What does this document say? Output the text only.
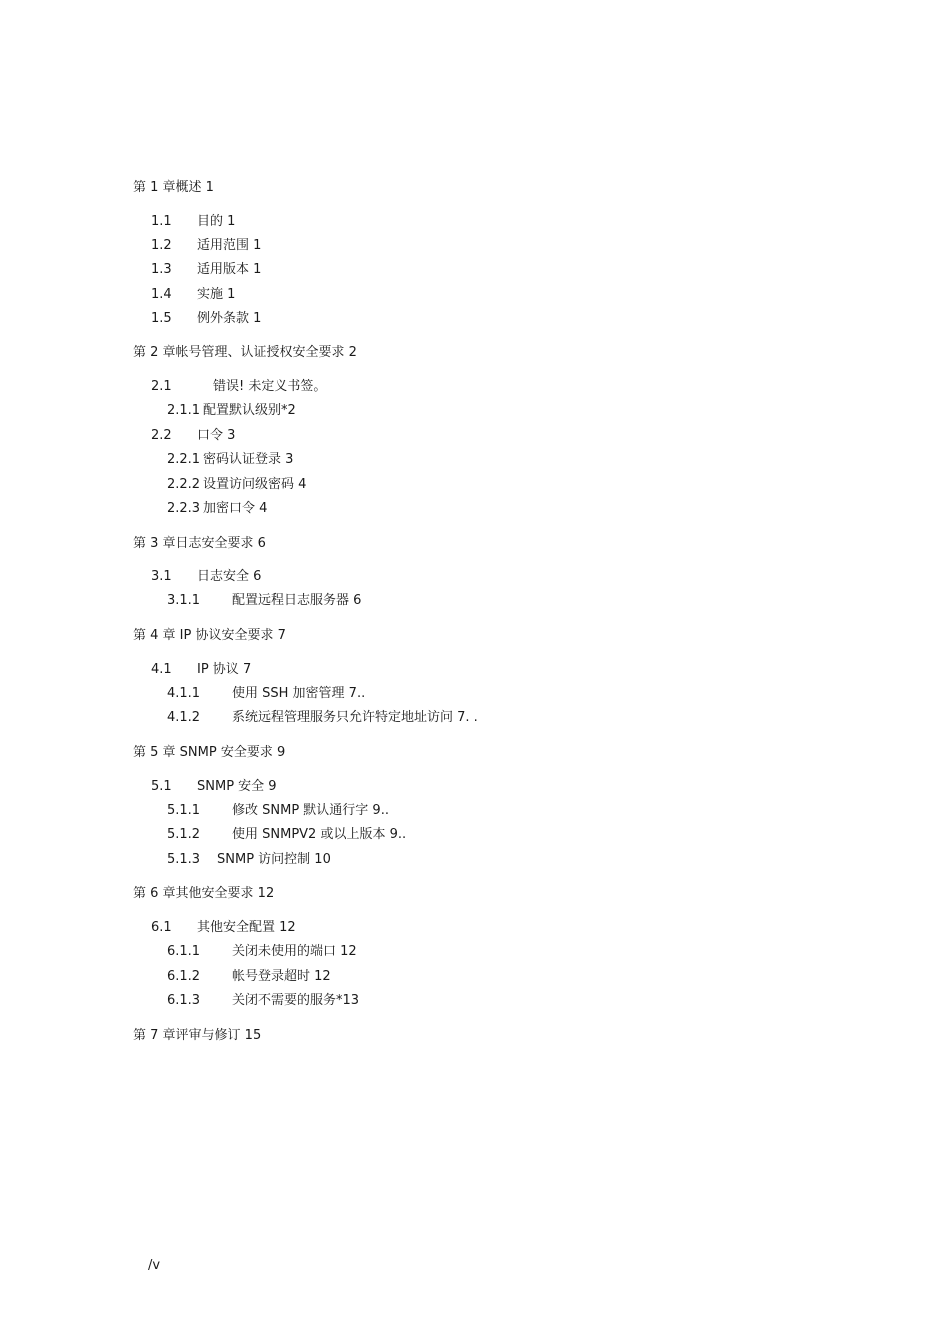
第 1 章概述 1
1.1 目的 1
1.2 适用范围 1
1.3 适用版本 1
1.4 实施 1
1.5 例外条款 1
第 2 章帐号管理、认证授权安全要求 2
2.1	错误! 未定义书签。
2.1.1 配置默认级别*2
2.2 口令 3
2.2.1 密码认证登录 3
2.2.2 设置访问级密码 4
2.2.3 加密口令 4
第 3 章日志安全要求 6
3.1 日志安全 6
3.1.1 配置远程日志服务器 6
第 4 章 IP 协议安全要求 7
4.1 IP 协议 7
4.1.1 使用 SSH 加密管理 7..
4.1.2 系统远程管理服务只允许特定地址访问 7. .
第 5 章 SNMP 安全要求 9
5.1 SNMP 安全 9
5.1.1 修改 SNMP 默认通行字 9..
5.1.2 使用 SNMPV2 或以上版本 9..
5.1.3 SNMP 访问控制 10
第 6 章其他安全要求 12
6.1 其他安全配置 12
6.1.1 关闭未使用的端口 12
6.1.2 帐号登录超时 12
6.1.3 关闭不需要的服务*13
第 7 章评审与修订 15
/v
